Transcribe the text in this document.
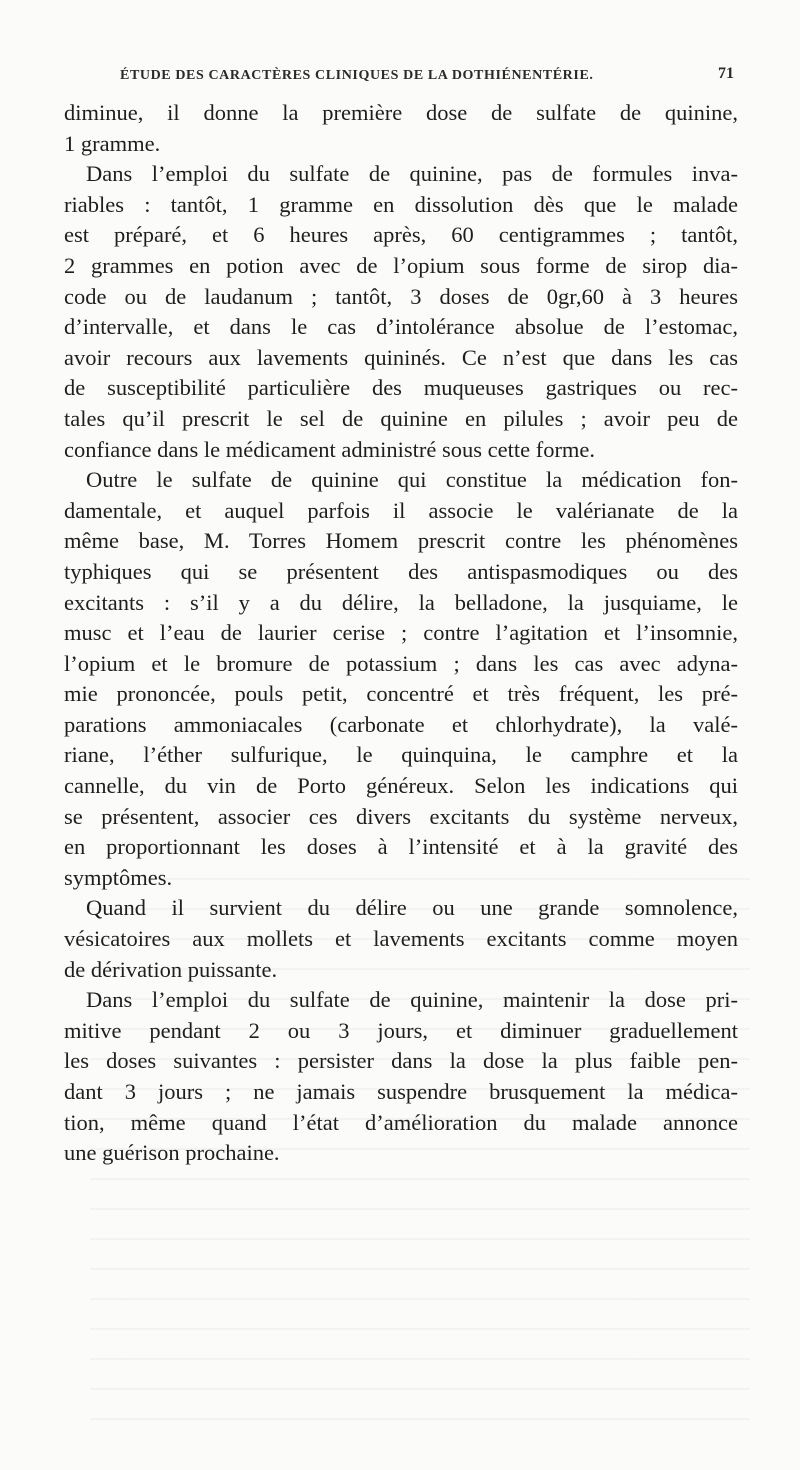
ÉTUDE DES CARACTÈRES CLINIQUES DE LA DOTHIÉNENTÉRIE.	71
diminue, il donne la première dose de sulfate de quinine,
1 gramme.
Dans l’emploi du sulfate de quinine, pas de formules inva-
riables : tantôt, 1 gramme en dissolution dès que le malade
est préparé, et 6 heures après, 60 centigrammes ; tantôt,
2 grammes en potion avec de l’opium sous forme de sirop dia-
code ou de laudanum ; tantôt, 3 doses de 0gr,60 à 3 heures
d’intervalle, et dans le cas d’intolérance absolue de l’estomac,
avoir recours aux lavements quininés. Ce n’est que dans les cas
de susceptibilité particulière des muqueuses gastriques ou rec-
tales qu’il prescrit le sel de quinine en pilules ; avoir peu de
confiance dans le médicament administré sous cette forme.
Outre le sulfate de quinine qui constitue la médication fon-
damentale, et auquel parfois il associe le valérianate de la
même base, M. Torres Homem prescrit contre les phénomènes
typhiques qui se présentent des antispasmodiques ou des
excitants : s’il y a du délire, la belladone, la jusquiame, le
musc et l’eau de laurier cerise ; contre l’agitation et l’insomnie,
l’opium et le bromure de potassium ; dans les cas avec adyna-
mie prononcée, pouls petit, concentré et très fréquent, les pré-
parations ammoniacales (carbonate et chlorhydrate), la valé-
riane, l’éther sulfurique, le quinquina, le camphre et la
cannelle, du vin de Porto généreux. Selon les indications qui
se présentent, associer ces divers excitants du système nerveux,
en proportionnant les doses à l’intensité et à la gravité des
symptômes.
Quand il survient du délire ou une grande somnolence,
vésicatoires aux mollets et lavements excitants comme moyen
de dérivation puissante.
Dans l’emploi du sulfate de quinine, maintenir la dose pri-
mitive pendant 2 ou 3 jours, et diminuer graduellement
les doses suivantes : persister dans la dose la plus faible pen-
dant 3 jours ; ne jamais suspendre brusquement la médica-
tion, même quand l’état d’amélioration du malade annonce
une guérison prochaine.
